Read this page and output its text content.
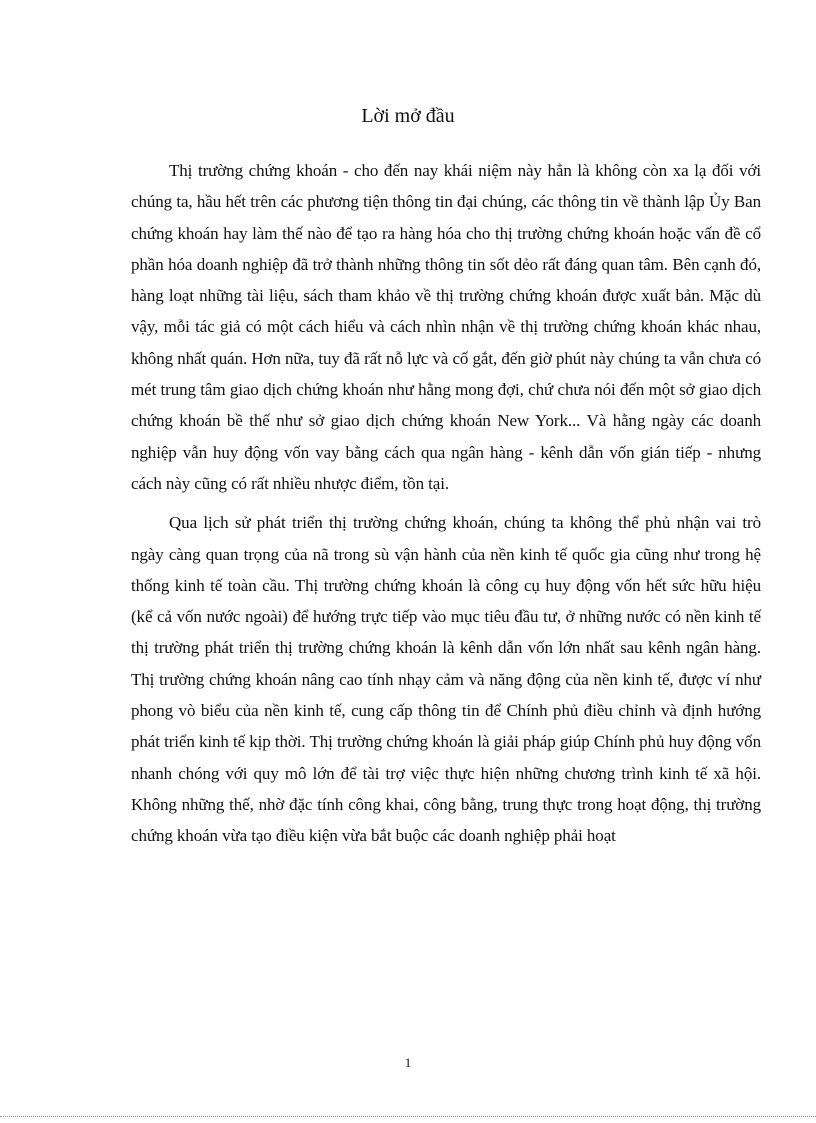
Lời mở đầu

Thị trường chứng khoán - cho đến nay khái niệm này hẳn là không còn xa lạ đối với chúng ta, hầu hết trên các phương tiện thông tin đại chúng, các thông tin về thành lập Ủy Ban chứng khoán hay làm thế nào để tạo ra hàng hóa cho thị trường chứng khoán hoặc vấn đề cổ phần hóa doanh nghiệp đã trở thành những thông tin sốt dẻo rất đáng quan tâm. Bên cạnh đó, hàng loạt những tài liệu, sách tham khảo về thị trường chứng khoán được xuất bản. Mặc dù vậy, mỗi tác giả có một cách hiểu và cách nhìn nhận về thị trường chứng khoán khác nhau, không nhất quán. Hơn nữa, tuy đã rất nỗ lực và cố gắt, đến giờ phút này chúng ta vẫn chưa có mét trung tâm giao dịch chứng khoán như hằng mong đợi, chứ chưa nói đến một sở giao dịch chứng khoán bề thế như sở giao dịch chứng khoán New York... Và hằng ngày các doanh nghiệp vẫn huy động vốn vay bằng cách qua ngân hàng - kênh dẫn vốn gián tiếp - nhưng cách này cũng có rất nhiều nhược điểm, tồn tại.

Qua lịch sử phát triển thị trường chứng khoán, chúng ta không thể phủ nhận vai trò ngày càng quan trọng của nã trong sù vận hành của nền kinh tế quốc gia cũng như trong hệ thống kinh tế toàn cầu. Thị trường chứng khoán là công cụ huy động vốn hết sức hữu hiệu (kể cả vốn nước ngoài) để hướng trực tiếp vào mục tiêu đầu tư, ở những nước có nền kinh tế thị trường phát triển thị trường chứng khoán là kênh dẫn vốn lớn nhất sau kênh ngân hàng. Thị trường chứng khoán nâng cao tính nhạy cảm và năng động của nền kinh tế, được ví như phong vò biểu của nền kinh tế, cung cấp thông tin để Chính phủ điều chỉnh và định hướng phát triển kinh tế kịp thời. Thị trường chứng khoán là giải pháp giúp Chính phủ huy động vốn nhanh chóng với quy mô lớn để tài trợ việc thực hiện những chương trình kinh tế xã hội. Không những thế, nhờ đặc tính công khai, công bằng, trung thực trong hoạt động, thị trường chứng khoán vừa tạo điều kiện vừa bắt buộc các doanh nghiệp phải hoạt

1
